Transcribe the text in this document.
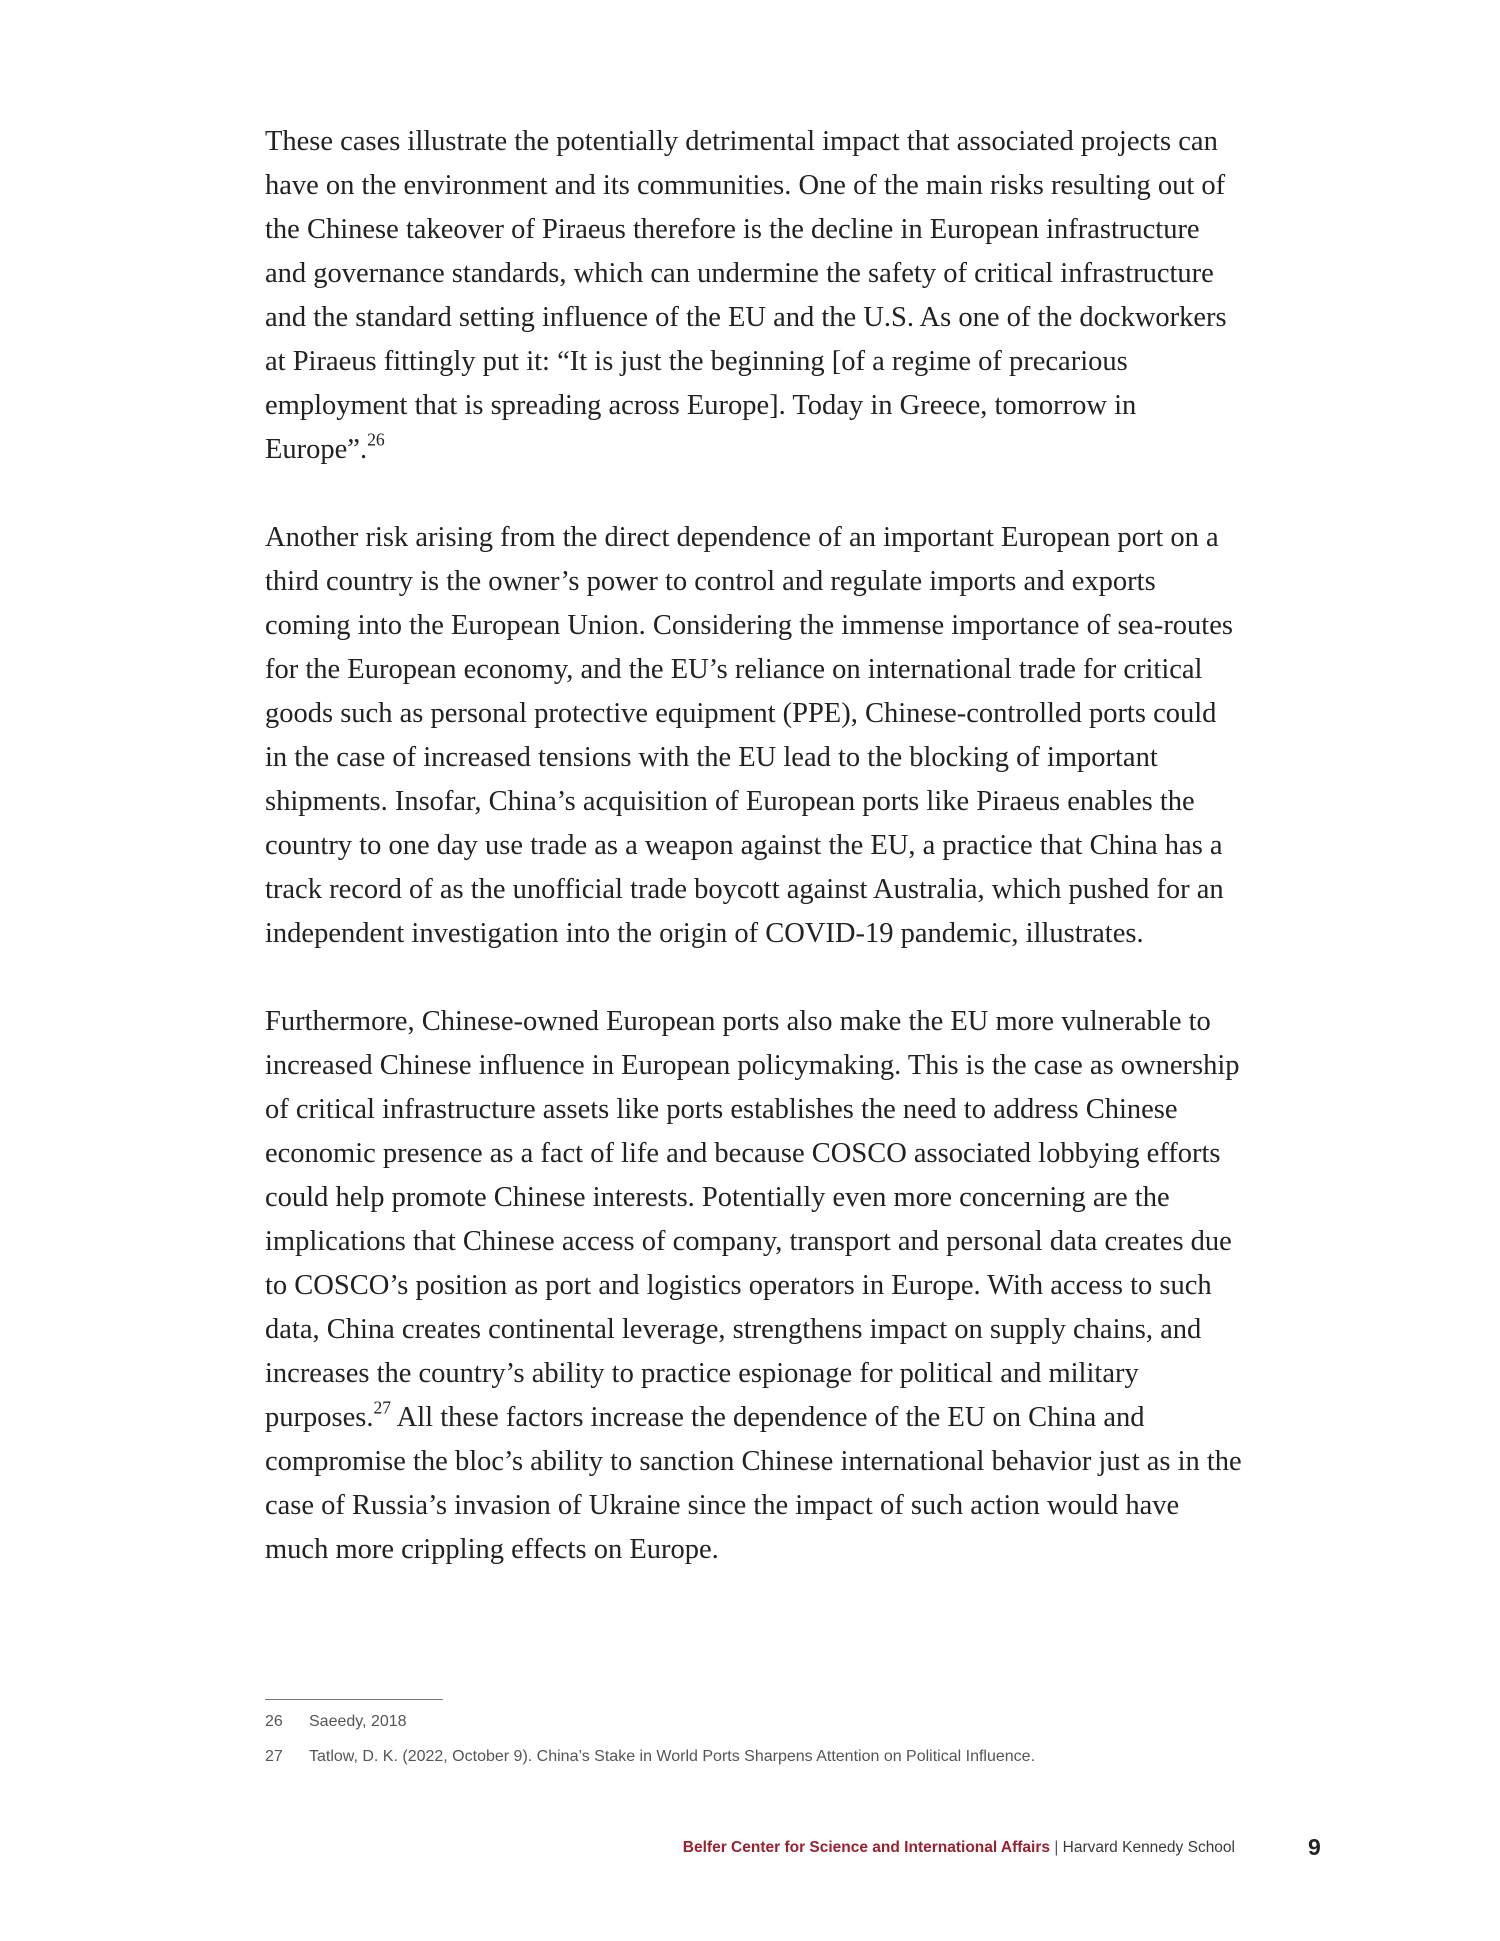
These cases illustrate the potentially detrimental impact that associated projects can have on the environment and its communities. One of the main risks resulting out of the Chinese takeover of Piraeus therefore is the decline in European infrastructure and governance standards, which can undermine the safety of critical infrastructure and the standard setting influence of the EU and the U.S. As one of the dockworkers at Piraeus fittingly put it: “It is just the beginning [of a regime of precarious employment that is spreading across Europe]. Today in Greece, tomorrow in Europe”.$^{26}$

Another risk arising from the direct dependence of an important European port on a third country is the owner’s power to control and regulate imports and exports coming into the European Union. Considering the immense importance of sea-routes for the European economy, and the EU’s reliance on international trade for critical goods such as personal protective equipment (PPE), Chinese-controlled ports could in the case of increased tensions with the EU lead to the blocking of important shipments. Insofar, China’s acquisition of European ports like Piraeus enables the country to one day use trade as a weapon against the EU, a practice that China has a track record of as the unofficial trade boycott against Australia, which pushed for an independent investigation into the origin of COVID-19 pandemic, illustrates.

Furthermore, Chinese-owned European ports also make the EU more vulnerable to increased Chinese influence in European policymaking. This is the case as ownership of critical infrastructure assets like ports establishes the need to address Chinese economic presence as a fact of life and because COSCO associated lobbying efforts could help promote Chinese interests. Potentially even more concerning are the implications that Chinese access of company, transport and personal data creates due to COSCO’s position as port and logistics operators in Europe. With access to such data, China creates continental leverage, strengthens impact on supply chains, and increases the country’s ability to practice espionage for political and military purposes.$^{27}$ All these factors increase the dependence of the EU on China and compromise the bloc’s ability to sanction Chinese international behavior just as in the case of Russia’s invasion of Ukraine since the impact of such action would have much more crippling effects on Europe.

26 Saeedy, 2018
27 Tatlow, D. K. (2022, October 9). China’s Stake in World Ports Sharpens Attention on Political Influence.
Belfer Center for Science and International Affairs | Harvard Kennedy School	9
